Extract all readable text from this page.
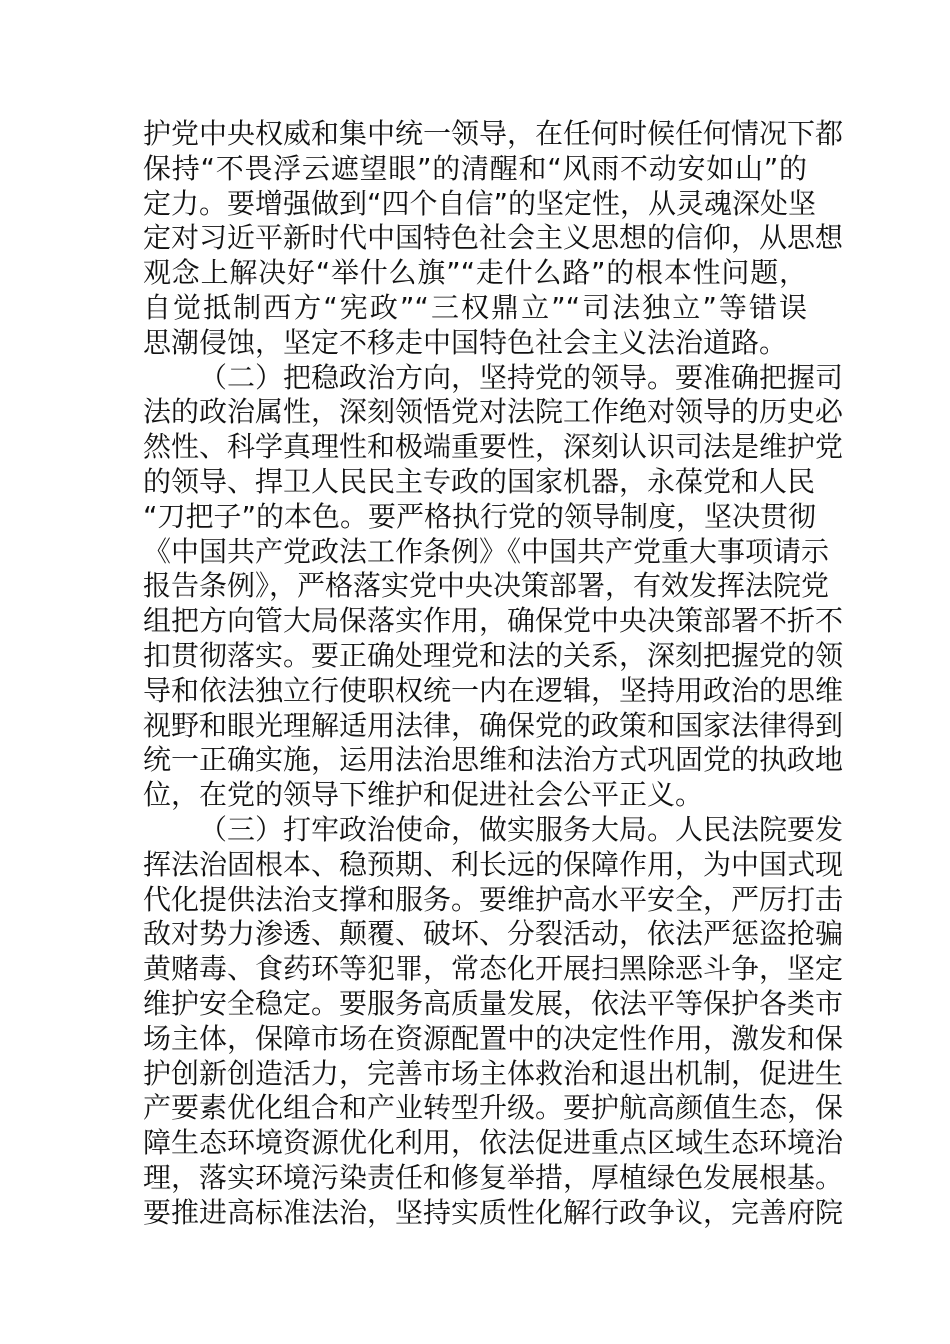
护党中央权威和集中统一领导，在任何时候任何情况下都
保持“不畏浮云遮望眼”的清醒和“风雨不动安如山”的
定力。要增强做到“四个自信”的坚定性，从灵魂深处坚
定对习近平新时代中国特色社会主义思想的信仰，从思想
观念上解决好“举什么旗”“走什么路”的根本性问题，
自觉抵制西方“宪政”“三权鼎立”“司法独立”等错误
思潮侵蚀，坚定不移走中国特色社会主义法治道路。
（二）把稳政治方向，坚持党的领导。要准确把握司
法的政治属性，深刻领悟党对法院工作绝对领导的历史必
然性、科学真理性和极端重要性，深刻认识司法是维护党
的领导、捍卫人民民主专政的国家机器，永葆党和人民
“刀把子”的本色。要严格执行党的领导制度，坚决贯彻
《中国共产党政法工作条例》《中国共产党重大事项请示
报告条例》，严格落实党中央决策部署，有效发挥法院党
组把方向管大局保落实作用，确保党中央决策部署不折不
扣贯彻落实。要正确处理党和法的关系，深刻把握党的领
导和依法独立行使职权统一内在逻辑，坚持用政治的思维
视野和眼光理解适用法律，确保党的政策和国家法律得到
统一正确实施，运用法治思维和法治方式巩固党的执政地
位，在党的领导下维护和促进社会公平正义。
（三）打牢政治使命，做实服务大局。人民法院要发
挥法治固根本、稳预期、利长远的保障作用，为中国式现
代化提供法治支撑和服务。要维护高水平安全，严厉打击
敌对势力渗透、颠覆、破坏、分裂活动，依法严惩盗抢骗
黄赌毒、食药环等犯罪，常态化开展扫黑除恶斗争，坚定
维护安全稳定。要服务高质量发展，依法平等保护各类市
场主体，保障市场在资源配置中的决定性作用，激发和保
护创新创造活力，完善市场主体救治和退出机制，促进生
产要素优化组合和产业转型升级。要护航高颜值生态，保
障生态环境资源优化利用，依法促进重点区域生态环境治
理，落实环境污染责任和修复举措，厚植绿色发展根基。
要推进高标准法治，坚持实质性化解行政争议，完善府院
